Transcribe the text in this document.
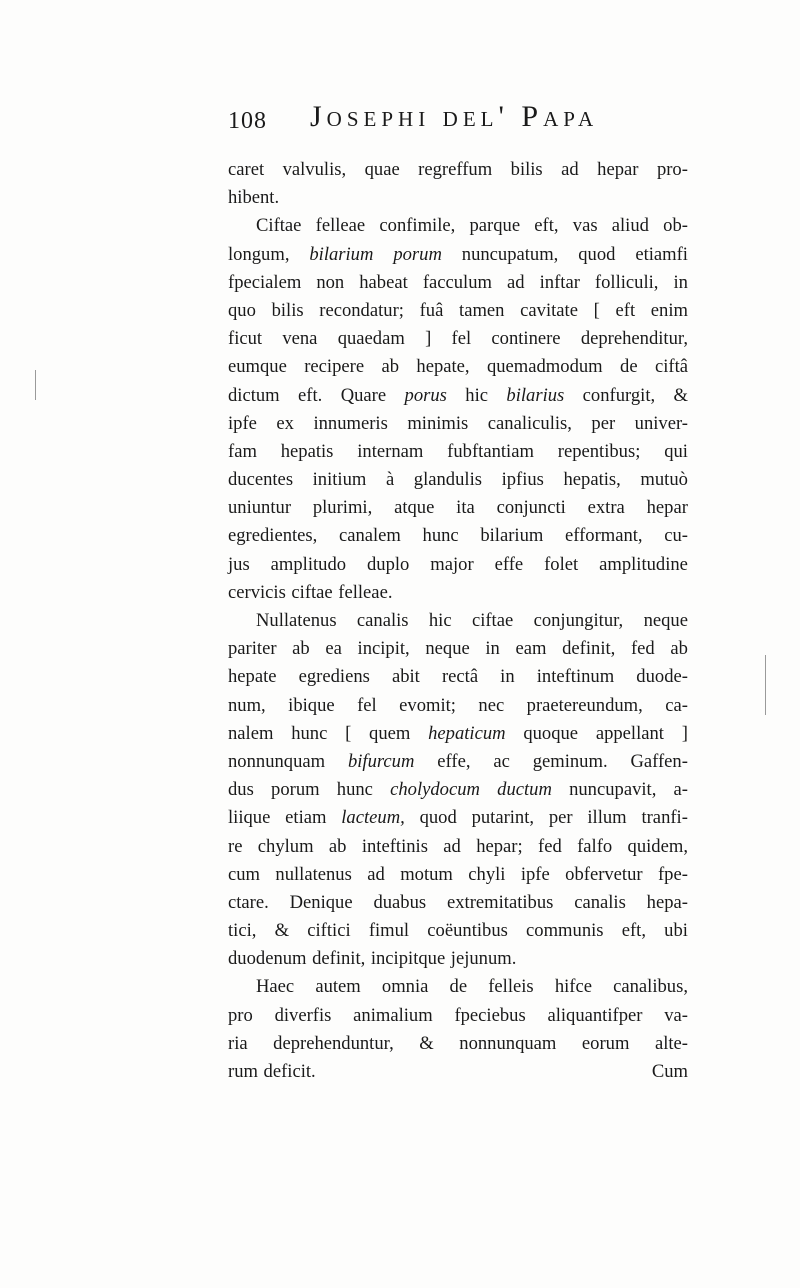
108 Josephi del' Papa
caret valvulis, quae regreffum bilis ad hepar pro-
hibent.
Ciftae felleae confimile, parque eft, vas aliud ob-
longum, bilarium porum nuncupatum, quod etiamfi
fpecialem non habeat facculum ad inftar folliculi, in
quo bilis recondatur; fuâ tamen cavitate [ eft enim
ficut vena quaedam ] fel continere deprehenditur,
eumque recipere ab hepate, quemadmodum de ciftâ
dictum eft. Quare porus hic bilarius confurgit, &
ipfe ex innumeris minimis canaliculis, per univer-
fam hepatis internam fubftantiam repentibus; qui
ducentes initium à glandulis ipfius hepatis, mutuò
uniuntur plurimi, atque ita conjuncti extra hepar
egredientes, canalem hunc bilarium efformant, cu-
jus amplitudo duplo major effe folet amplitudine
cervicis ciftae felleae.
Nullatenus canalis hic ciftae conjungitur, neque
pariter ab ea incipit, neque in eam definit, fed ab
hepate egrediens abit rectâ in inteftinum duode-
num, ibique fel evomit; nec praetereundum, ca-
nalem hunc [ quem hepaticum quoque appellant ]
nonnunquam bifurcum effe, ac geminum. Gaffen-
dus porum hunc cholydocum ductum nuncupavit, a-
liique etiam lacteum, quod putarint, per illum tranfi-
re chylum ab inteftinis ad hepar; fed falfo quidem,
cum nullatenus ad motum chyli ipfe obfervetur fpe-
ctare. Denique duabus extremitatibus canalis hepa-
tici, & ciftici fimul coëuntibus communis eft, ubi
duodenum definit, incipitque jejunum.
Haec autem omnia de felleis hifce canalibus,
pro diverfis animalium fpeciebus aliquantifper va-
ria deprehenduntur, & nonnunquam eorum alte-
rum deficit.	Cum
